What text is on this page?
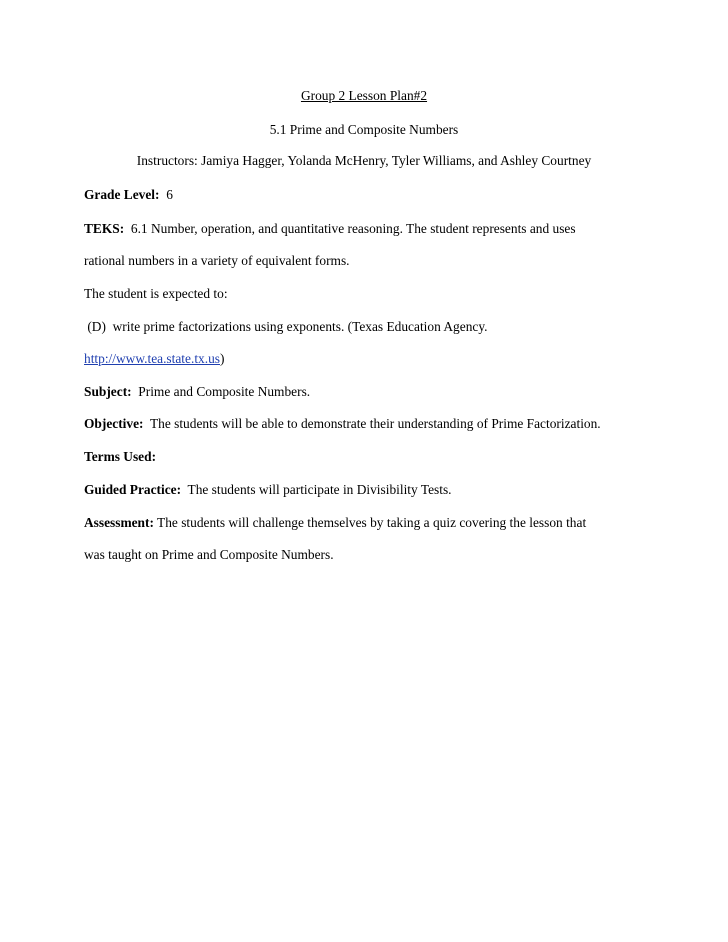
Group 2 Lesson Plan#2
5.1 Prime and Composite Numbers
Instructors: Jamiya Hagger, Yolanda McHenry, Tyler Williams, and Ashley Courtney
Grade Level:  6
TEKS:  6.1 Number, operation, and quantitative reasoning. The student represents and uses
rational numbers in a variety of equivalent forms.
The student is expected to:
(D)  write prime factorizations using exponents. (Texas Education Agency.
http://www.tea.state.tx.us)
Subject:  Prime and Composite Numbers.
Objective:  The students will be able to demonstrate their understanding of Prime Factorization.
Terms Used:
Guided Practice:  The students will participate in Divisibility Tests.
Assessment: The students will challenge themselves by taking a quiz covering the lesson that
was taught on Prime and Composite Numbers.
